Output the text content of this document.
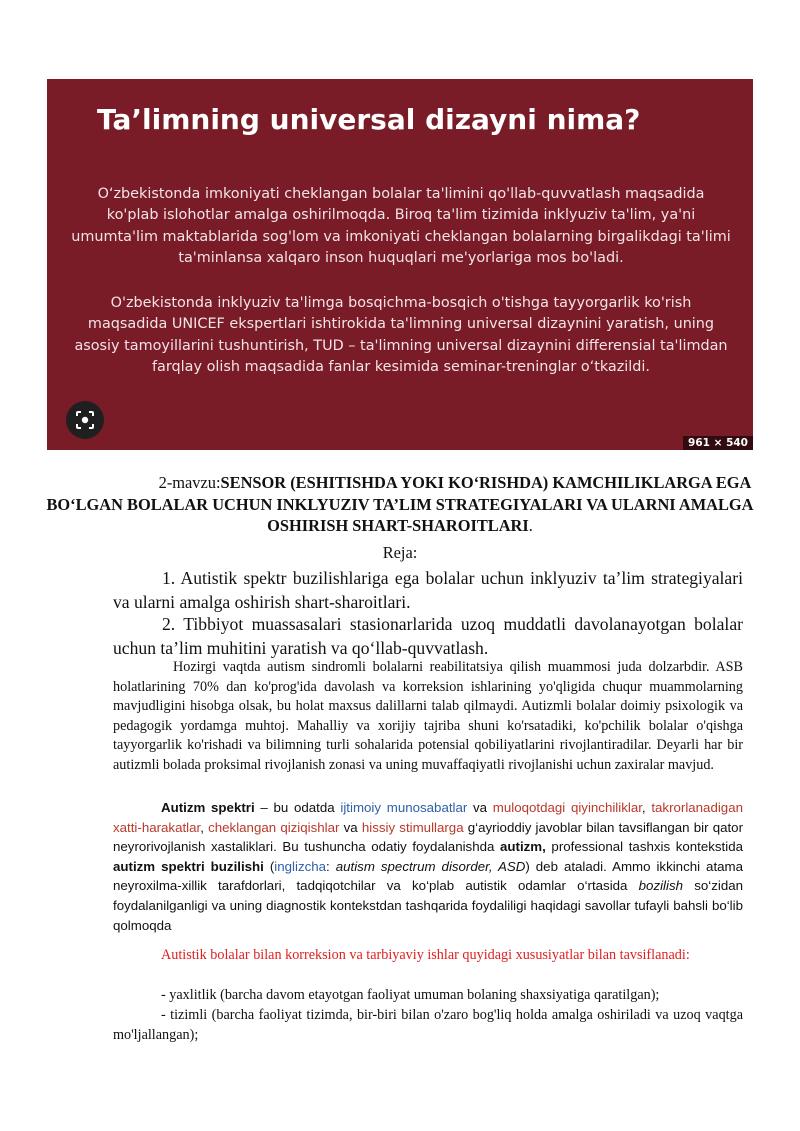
Ta’limning universal dizayni nima?

O‘zbekistonda imkoniyati cheklangan bolalar ta'limini qo'llab-quvvatlash maqsadida ko'plab islohotlar amalga oshirilmoqda. Biroq ta'lim tizimida inklyuziv ta'lim, ya'ni umumta'lim maktablarida sog'lom va imkoniyati cheklangan bolalarning birgalikdagi ta'limi ta'minlansa xalqaro inson huquqlari me'yorlariga mos bo'ladi.

O'zbekistonda inklyuziv ta'limga bosqichma-bosqich o'tishga tayyorgarlik ko'rish maqsadida UNICEF ekspertlari ishtirokida ta'limning universal dizaynini yaratish, uning asosiy tamoyillarini tushuntirish, TUD – ta'limning universal dizaynini differensial ta'limdan farqlay olish maqsadida fanlar kesimida seminar-treninglar o‘tkazildi.

961 × 540

2-mavzu:SENSOR (ESHITISHDA YOKI KO‘RISHDA) KAMCHILIKLARGA EGA BO‘LGAN BOLALAR UCHUN INKLYUZIV TA’LIM STRATEGIYALARI VA ULARNI AMALGA OSHIRISH SHART-SHAROITLARI.

Reja:

1. Autistik spektr buzilishlariga ega bolalar uchun inklyuziv ta’lim strategiyalari va ularni amalga oshirish shart-sharoitlari.

2. Tibbiyot muassasalari stasionarlarida uzoq muddatli davolanayotgan bolalar uchun ta’lim muhitini yaratish va qo‘llab-quvvatlash.

Hozirgi vaqtda autism sindromli bolalarni reabilitatsiya qilish muammosi juda dolzarbdir. ASB holatlarining 70% dan ko'prog'ida davolash va korreksion ishlarining yo'qligida chuqur muammolarning mavjudligini hisobga olsak, bu holat maxsus dalillarni talab qilmaydi. Autizmli bolalar doimiy psixologik va pedagogik yordamga muhtoj. Mahalliy va xorijiy tajriba shuni ko'rsatadiki, ko'pchilik bolalar o'qishga tayyorgarlik ko'rishadi va bilimning turli sohalarida potensial qobiliyatlarini rivojlantiradilar. Deyarli har bir autizmli bolada proksimal rivojlanish zonasi va uning muvaffaqiyatli rivojlanishi uchun zaxiralar mavjud.

Autizm spektri – bu odatda ijtimoiy munosabatlar va muloqotdagi qiyinchiliklar, takrorlanadigan xatti-harakatlar, cheklangan qiziqishlar va hissiy stimullarga g‘ayrioddiy javoblar bilan tavsiflangan bir qator neyrorivojlanish xastaliklari. Bu tushuncha odatiy foydalanishda autizm, professional tashxis kontekstida autizm spektri buzilishi (inglizcha: autism spectrum disorder, ASD) deb ataladi. Ammo ikkinchi atama neyroxilma-xillik tarafdorlari, tadqiqotchilar va ko‘plab autistik odamlar o‘rtasida bozilish so‘zidan foydalanilganligi va uning diagnostik kontekstdan tashqarida foydaliligi haqidagi savollar tufayli bahsli bo‘lib qolmoqda

Autistik bolalar bilan korreksion va tarbiyaviy ishlar quyidagi xususiyatlar bilan tavsiflanadi:

- yaxlitlik (barcha davom etayotgan faoliyat umuman bolaning shaxsiyatiga qaratilgan);

- tizimli (barcha faoliyat tizimda, bir-biri bilan o'zaro bog'liq holda amalga oshiriladi va uzoq vaqtga mo'ljallangan);
